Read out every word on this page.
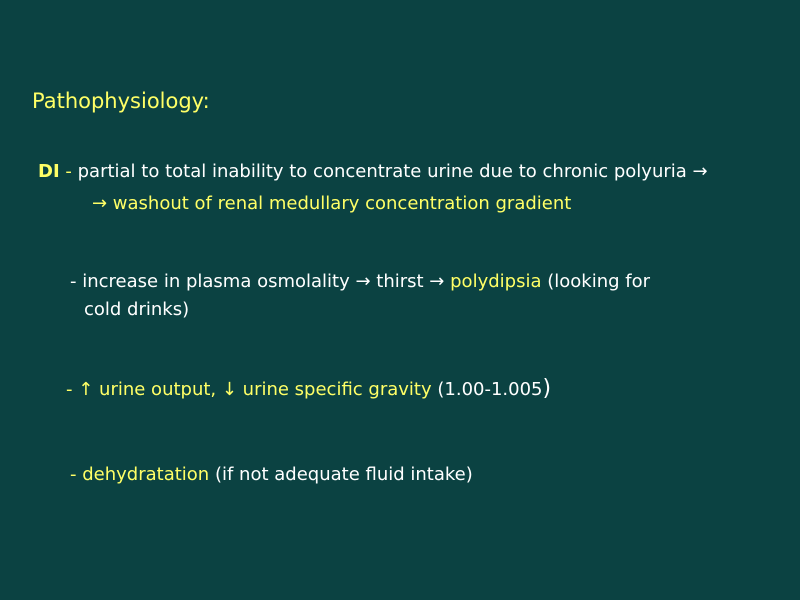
Pathophysiology:
DI - partial to total inability to concentrate urine due to chronic polyuria →
→ washout of renal medullary concentration gradient
- increase in plasma osmolality → thirst → polydipsia (looking for
cold drinks)
- ↑ urine output, ↓ urine specific gravity (1.00-1.005)
- dehydratation (if not adequate fluid intake)
